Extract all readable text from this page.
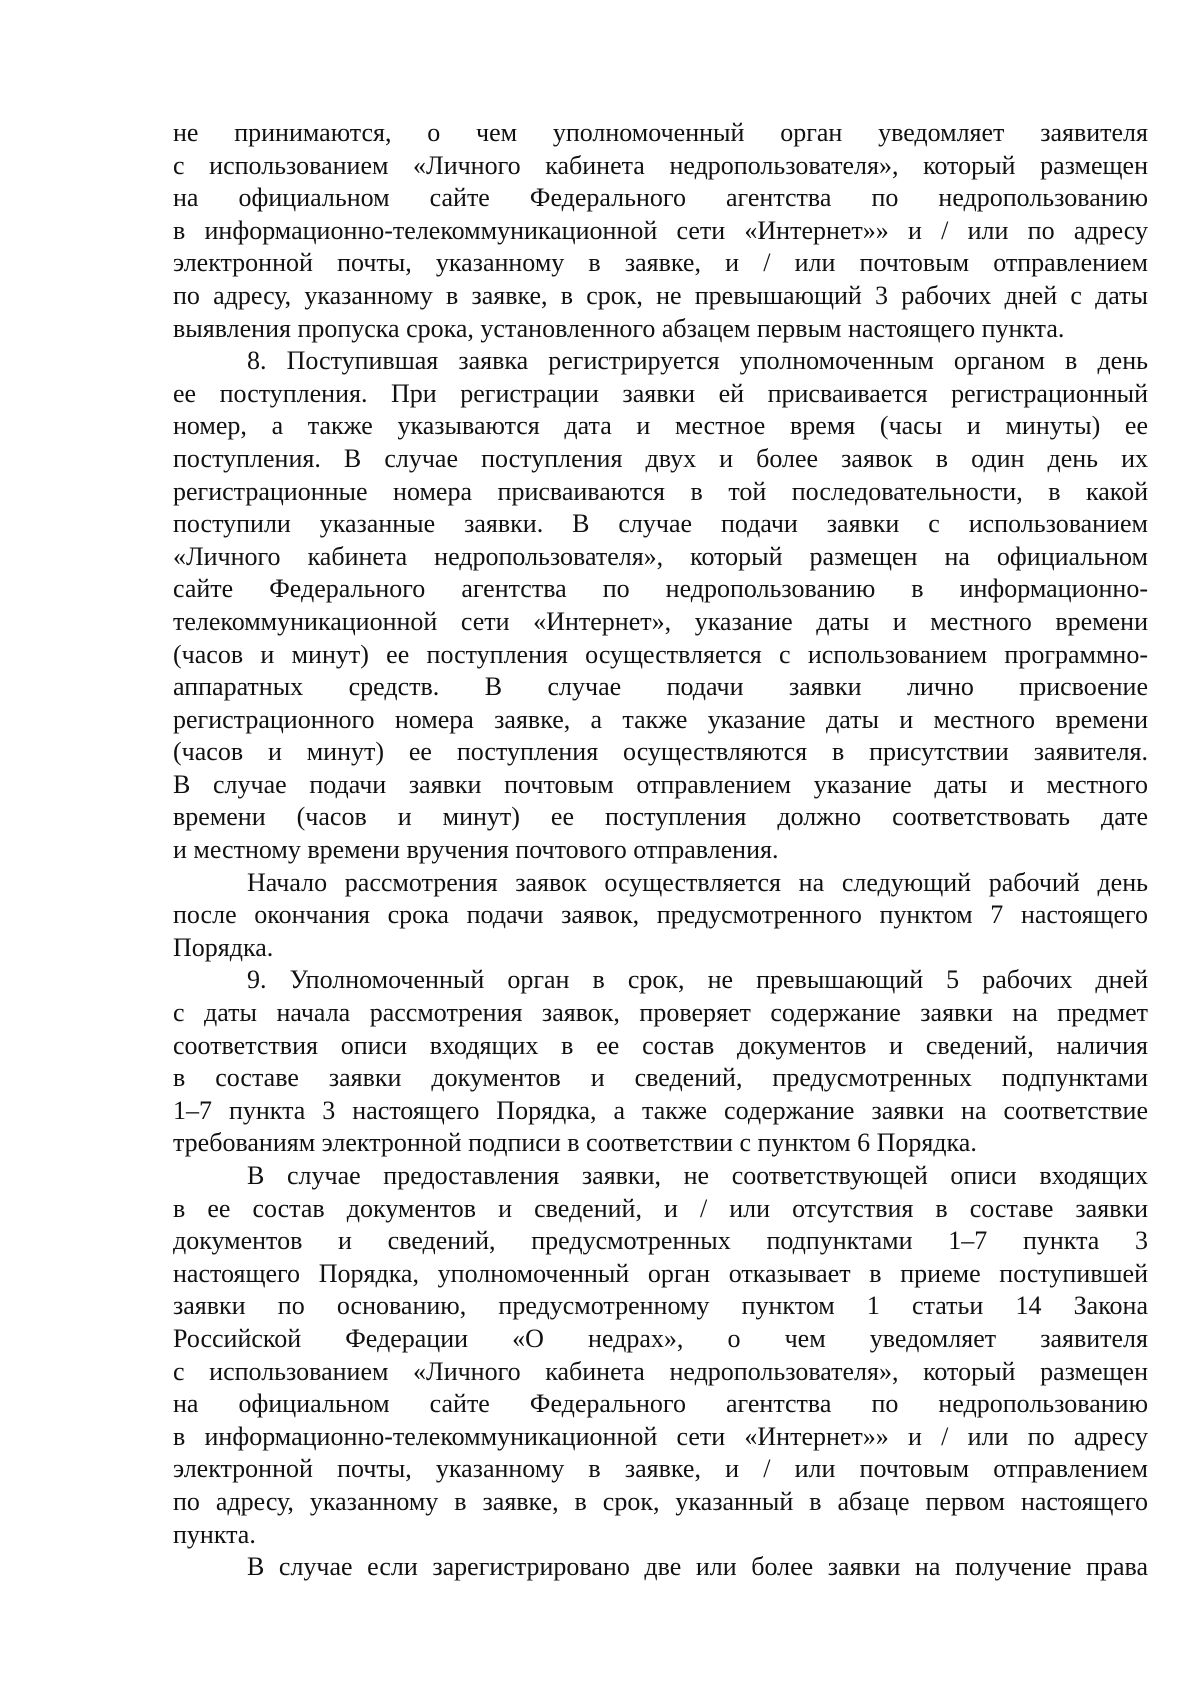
не принимаются, о чем уполномоченный орган уведомляет заявителя
с использованием «Личного кабинета недропользователя», который размещен
на официальном сайте Федерального агентства по недропользованию
в информационно-телекоммуникационной сети «Интернет»» и / или по адресу
электронной почты, указанному в заявке, и / или почтовым отправлением
по адресу, указанному в заявке, в срок, не превышающий 3 рабочих дней с даты
выявления пропуска срока, установленного абзацем первым настоящего пункта.
8. Поступившая заявка регистрируется уполномоченным органом в день
ее поступления. При регистрации заявки ей присваивается регистрационный
номер, а также указываются дата и местное время (часы и минуты) ее
поступления. В случае поступления двух и более заявок в один день их
регистрационные номера присваиваются в той последовательности, в какой
поступили указанные заявки. В случае подачи заявки с использованием
«Личного кабинета недропользователя», который размещен на официальном
сайте Федерального агентства по недропользованию в информационно-
телекоммуникационной сети «Интернет», указание даты и местного времени
(часов и минут) ее поступления осуществляется с использованием программно-
аппаратных средств. В случае подачи заявки лично присвоение
регистрационного номера заявке, а также указание даты и местного времени
(часов и минут) ее поступления осуществляются в присутствии заявителя.
В случае подачи заявки почтовым отправлением указание даты и местного
времени (часов и минут) ее поступления должно соответствовать дате
и местному времени вручения почтового отправления.
Начало рассмотрения заявок осуществляется на следующий рабочий день
после окончания срока подачи заявок, предусмотренного пунктом 7 настоящего
Порядка.
9. Уполномоченный орган в срок, не превышающий 5 рабочих дней
с даты начала рассмотрения заявок, проверяет содержание заявки на предмет
соответствия описи входящих в ее состав документов и сведений, наличия
в составе заявки документов и сведений, предусмотренных подпунктами
1–7 пункта 3 настоящего Порядка, а также содержание заявки на соответствие
требованиям электронной подписи в соответствии с пунктом 6 Порядка.
В случае предоставления заявки, не соответствующей описи входящих
в ее состав документов и сведений, и / или отсутствия в составе заявки
документов и сведений, предусмотренных подпунктами 1–7 пункта 3
настоящего Порядка, уполномоченный орган отказывает в приеме поступившей
заявки по основанию, предусмотренному пунктом 1 статьи 14 Закона
Российской Федерации «О недрах», о чем уведомляет заявителя
с использованием «Личного кабинета недропользователя», который размещен
на официальном сайте Федерального агентства по недропользованию
в информационно-телекоммуникационной сети «Интернет»» и / или по адресу
электронной почты, указанному в заявке, и / или почтовым отправлением
по адресу, указанному в заявке, в срок, указанный в абзаце первом настоящего
пункта.
В случае если зарегистрировано две или более заявки на получение права
